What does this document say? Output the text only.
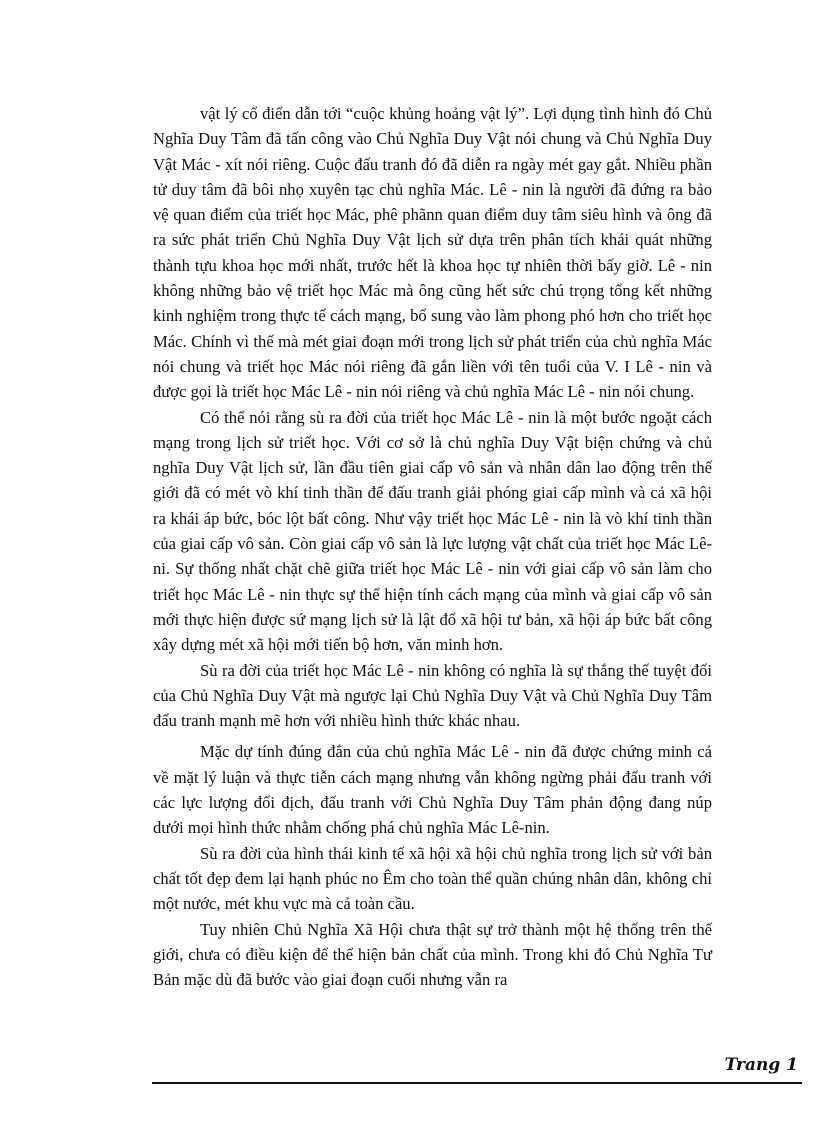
vật lý cổ điển dẫn tới “cuộc khủng hoảng vật lý”. Lợi dụng tình hình đó Chủ Nghĩa Duy Tâm đã tấn công vào Chủ Nghĩa Duy Vật nói chung và Chủ Nghĩa Duy Vật Mác - xít nói riêng. Cuộc đấu tranh đó đã diễn ra ngày mét gay gắt. Nhiều phần tử duy tâm đã bôi nhọ xuyên tạc chủ nghĩa Mác. Lê - nin là người đã đứng ra bảo vệ quan điểm của triết học Mác, phê phãnn quan điểm duy tâm siêu hình và ông đã ra sức phát triển Chủ Nghĩa Duy Vật lịch sử dựa trên phân tích khái quát những thành tựu khoa học mới nhất, trước hết là khoa học tự nhiên thời bấy giờ. Lê - nin không những bảo vệ triết học Mác mà ông cũng hết sức chú trọng tổng kết những kinh nghiệm trong thực tế cách mạng, bổ sung vào làm phong phó hơn cho triết học Mác. Chính vì thế mà mét giai đoạn mới trong lịch sử phát triển của chủ nghĩa Mác nói chung và triết học Mác nói riêng đã gắn liền với tên tuổi của V. I Lê - nin và được gọi là triết học Mác Lê - nin nói riêng và chủ nghĩa Mác Lê - nin nói chung.

Có thể nói rằng sù ra đời của triết học Mác Lê - nin là một bước ngoặt cách mạng trong lịch sử triết học. Với cơ sở là chủ nghĩa Duy Vật biện chứng và chủ nghĩa Duy Vật lịch sử, lần đầu tiên giai cấp vô sản và nhân dân lao động trên thế giới đã có mét vò khí tinh thần để đấu tranh giải phóng giai cấp mình và cả xã hội ra khái áp bức, bóc lột bất công. Như vậy triết học Mác Lê - nin là vò khí tinh thần của giai cấp vô sản. Còn giai cấp vô sản là lực lượng vật chất của triết học Mác Lê-ni. Sự thống nhất chặt chẽ giữa triết học Mác Lê - nin với giai cấp vô sản làm cho triết học Mác Lê - nin thực sự thể hiện tính cách mạng của mình và giai cấp vô sản mới thực hiện được sứ mạng lịch sử là lật đổ xã hội tư bản, xã hội áp bức bất công xây dựng mét xã hội mới tiến bộ hơn, văn minh hơn.

Sù ra đời của triết học Mác Lê - nin không có nghĩa là sự thắng thế tuyệt đối của Chủ Nghĩa Duy Vật mà ngược lại Chủ Nghĩa Duy Vật và Chủ Nghĩa Duy Tâm đấu tranh mạnh mẽ hơn với nhiều hình thức khác nhau.

Mặc dự tính đúng đắn của chủ nghĩa Mác Lê - nin đã được chứng minh cả về mặt lý luận và thực tiễn cách mạng nhưng vẫn không ngừng phải đấu tranh với các lực lượng đối địch, đấu tranh với Chủ Nghĩa Duy Tâm phản động đang núp dưới mọi hình thức nhằm chống phá chủ nghĩa Mác Lê-nin.

Sù ra đời của hình thái kinh tế xã hội xã hội chủ nghĩa trong lịch sử với bản chất tốt đẹp đem lại hạnh phúc no Êm cho toàn thể quần chúng nhân dân, không chỉ một nước, mét khu vực mà cả toàn cầu.

Tuy nhiên Chủ Nghĩa Xã Hội chưa thật sự trở thành một hệ thống trên thế giới, chưa có điều kiện để thể hiện bản chất của mình. Trong khi đó Chủ Nghĩa Tư Bản mặc dù đã bước vào giai đoạn cuối nhưng vẫn ra

Trang 1
